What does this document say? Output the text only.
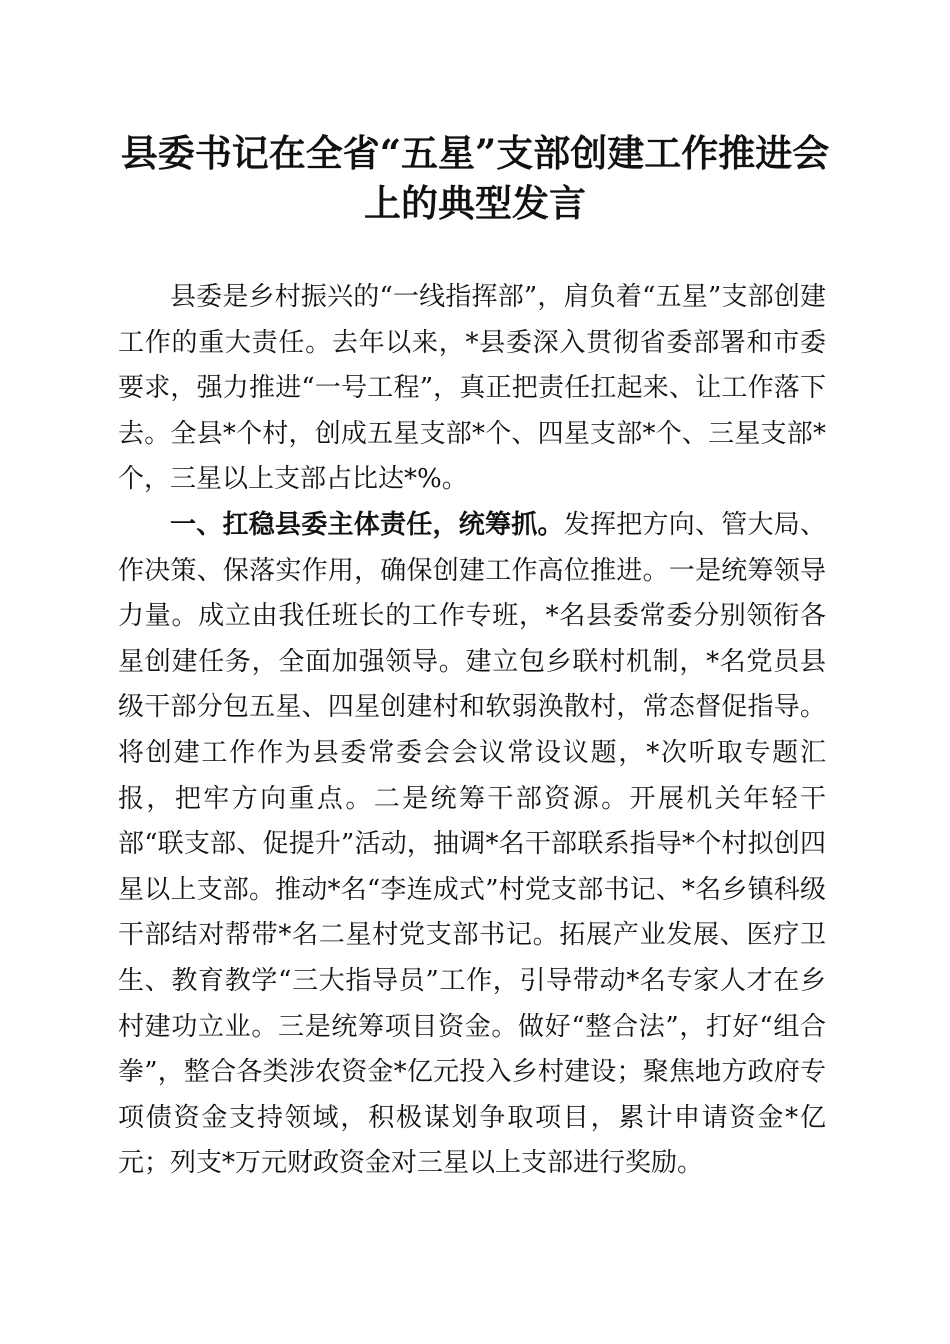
县委书记在全省“五星”支部创建工作推进会
上的典型发言

县委是乡村振兴的“一线指挥部”，肩负着“五星”支部创建工作的重大责任。去年以来，*县委深入贯彻省委部署和市委要求，强力推进“一号工程”，真正把责任扛起来、让工作落下去。全县*个村，创成五星支部*个、四星支部*个、三星支部*个，三星以上支部占比达*%。

一、扛稳县委主体责任，统筹抓。发挥把方向、管大局、作决策、保落实作用，确保创建工作高位推进。一是统筹领导力量。成立由我任班长的工作专班，*名县委常委分别领衔各星创建任务，全面加强领导。建立包乡联村机制，*名党员县级干部分包五星、四星创建村和软弱涣散村，常态督促指导。将创建工作作为县委常委会会议常设议题，*次听取专题汇报，把牢方向重点。二是统筹干部资源。开展机关年轻干部“联支部、促提升”活动，抽调*名干部联系指导*个村拟创四星以上支部。推动*名“李连成式”村党支部书记、*名乡镇科级干部结对帮带*名二星村党支部书记。拓展产业发展、医疗卫生、教育教学“三大指导员”工作，引导带动*名专家人才在乡村建功立业。三是统筹项目资金。做好“整合法”，打好“组合拳”，整合各类涉农资金*亿元投入乡村建设；聚焦地方政府专项债资金支持领域，积极谋划争取项目，累计申请资金*亿元；列支*万元财政资金对三星以上支部进行奖励。
